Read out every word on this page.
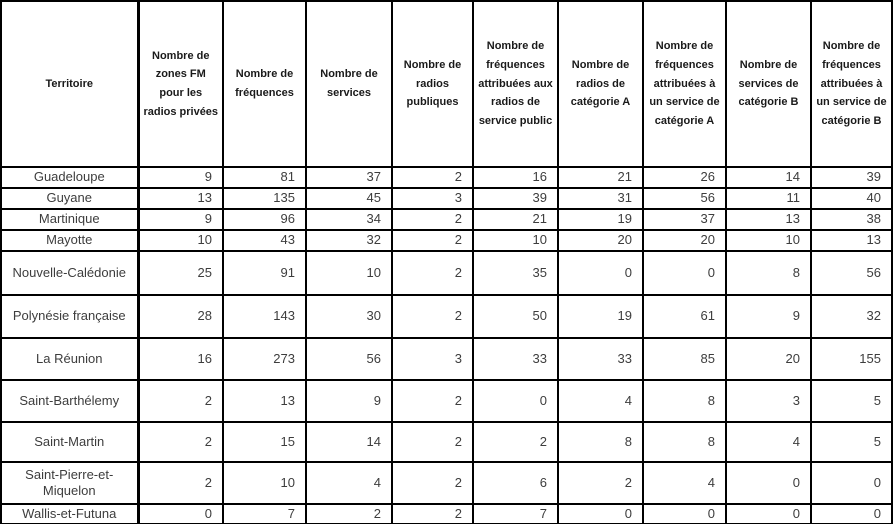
Territoire	Nombre de zones FM pour les radios privées	Nombre de fréquences	Nombre de services	Nombre de radios publiques	Nombre de fréquences attribuées aux radios de service public	Nombre de radios de catégorie A	Nombre de fréquences attribuées à un service de catégorie A	Nombre de services de catégorie B	Nombre de fréquences attribuées à un service de catégorie B
Guadeloupe	9	81	37	2	16	21	26	14	39
Guyane	13	135	45	3	39	31	56	11	40
Martinique	9	96	34	2	21	19	37	13	38
Mayotte	10	43	32	2	10	20	20	10	13
Nouvelle-Calédonie	25	91	10	2	35	0	0	8	56
Polynésie française	28	143	30	2	50	19	61	9	32
La Réunion	16	273	56	3	33	33	85	20	155
Saint-Barthélemy	2	13	9	2	0	4	8	3	5
Saint-Martin	2	15	14	2	2	8	8	4	5
Saint-Pierre-et-Miquelon	2	10	4	2	6	2	4	0	0
Wallis-et-Futuna	0	7	2	2	7	0	0	0	0
